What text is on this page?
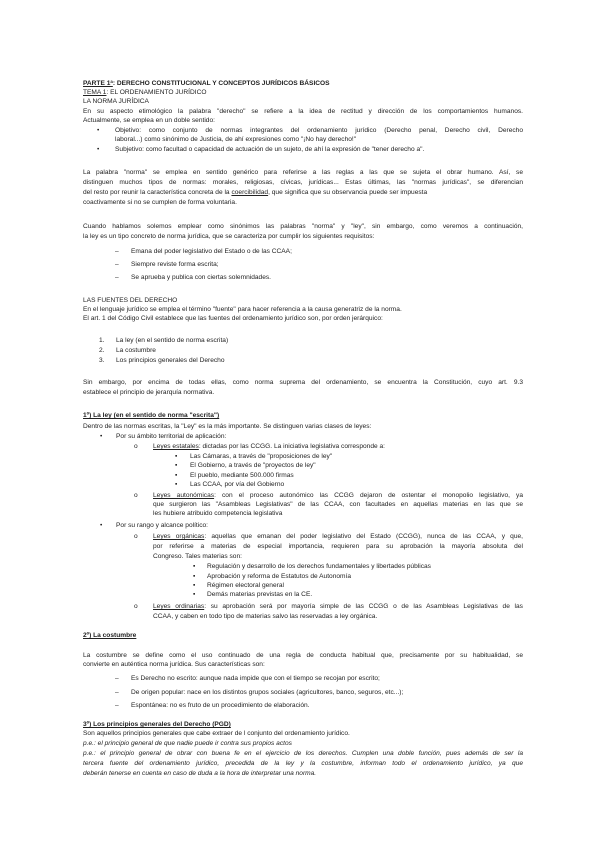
PARTE 1ª: DERECHO CONSTITUCIONAL Y CONCEPTOS JURÍDICOS BÁSICOS
TEMA 1: EL ORDENAMIENTO JURÍDICO
LA NORMA JURÍDICA
En su aspecto etimológico la palabra "derecho" se refiere a la idea de rectitud y dirección de los comportamientos humanos.
Actualmente, se emplea en un doble sentido:
• Objetivo: como conjunto de normas integrantes del ordenamiento jurídico (Derecho penal, Derecho civil, Derecho
laboral...) como sinónimo de Justicia, de ahí expresiones como "¡No hay derecho!"
• Subjetivo: como facultad o capacidad de actuación de un sujeto, de ahí la expresión de "tener derecho a".
La palabra "norma" se emplea en sentido genérico para referirse a las reglas a las que se sujeta el obrar humano. Así, se
distinguen muchos tipos de normas: morales, religiosas, cívicas, jurídicas... Estas últimas, las "normas jurídicas", se diferencian
del resto por reunir la característica concreta de la coercibilidad, que significa que su observancia puede ser impuesta
coactivamente si no se cumplen de forma voluntaria.
Cuando hablamos solemos emplear como sinónimos las palabras "norma" y "ley", sin embargo, como veremos a continuación,
la ley es un tipo concreto de norma jurídica, que se caracteriza por cumplir los siguientes requisitos:
– Emana del poder legislativo del Estado o de las CCAA;
– Siempre reviste forma escrita;
– Se aprueba y publica con ciertas solemnidades.
LAS FUENTES DEL DERECHO
En el lenguaje jurídico se emplea el término "fuente" para hacer referencia a la causa generatriz de la norma.
El art. 1 del Código Civil establece que las fuentes del ordenamiento jurídico son, por orden jerárquico:
1. La ley (en el sentido de norma escrita)
2. La costumbre
3. Los principios generales del Derecho
Sin embargo, por encima de todas ellas, como norma suprema del ordenamiento, se encuentra la Constitución, cuyo art. 9.3
establece el principio de jerarquía normativa.
1º) La ley (en el sentido de norma "escrita")
Dentro de las normas escritas, la "Ley" es la más importante. Se distinguen varias clases de leyes:
• Por su ámbito territorial de aplicación:
o Leyes estatales: dictadas por las CCGG. La iniciativa legislativa corresponde a:
▪ Las Cámaras, a través de "proposiciones de ley"
▪ El Gobierno, a través de "proyectos de ley"
▪ El pueblo, mediante 500.000 firmas
▪ Las CCAA, por vía del Gobierno
o Leyes autonómicas: con el proceso autonómico las CCGG dejaron de ostentar el monopolio legislativo, ya
que surgieron las "Asambleas Legislativas" de las CCAA, con facultades en aquellas materias en las que se
les hubiere atribuido competencia legislativa
• Por su rango y alcance político:
o Leyes orgánicas: aquellas que emanan del poder legislativo del Estado (CCGG), nunca de las CCAA, y que,
por referirse a materias de especial importancia, requieren para su aprobación la mayoría absoluta del
Congreso. Tales materias son:
▪ Regulación y desarrollo de los derechos fundamentales y libertades públicas
▪ Aprobación y reforma de Estatutos de Autonomía
▪ Régimen electoral general
▪ Demás materias previstas en la CE.
o Leyes ordinarias: su aprobación será por mayoría simple de las CCGG o de las Asambleas Legislativas de las
CCAA, y caben en todo tipo de materias salvo las reservadas a ley orgánica.
2º) La costumbre
La costumbre se define como el uso continuado de una regla de conducta habitual que, precisamente por su habitualidad, se
convierte en auténtica norma jurídica. Sus características son:
– Es Derecho no escrito: aunque nada impide que con el tiempo se recojan por escrito;
– De origen popular: nace en los distintos grupos sociales (agricultores, banco, seguros, etc...);
– Espontánea: no es fruto de un procedimiento de elaboración.
3º) Los principios generales del Derecho (PGD)
Son aquellos principios generales que cabe extraer de l conjunto del ordenamiento jurídico.
p.e.: el principio general de que nadie puede ir contra sus propios actos
p.e.: el principio general de obrar con buena fe en el ejercicio de los derechos. Cumplen una doble función, pues además de ser la
tercera fuente del ordenamiento jurídico, precedida de la ley y la costumbre, informan todo el ordenamiento jurídico, ya que
deberán tenerse en cuenta en caso de duda a la hora de interpretar una norma.
